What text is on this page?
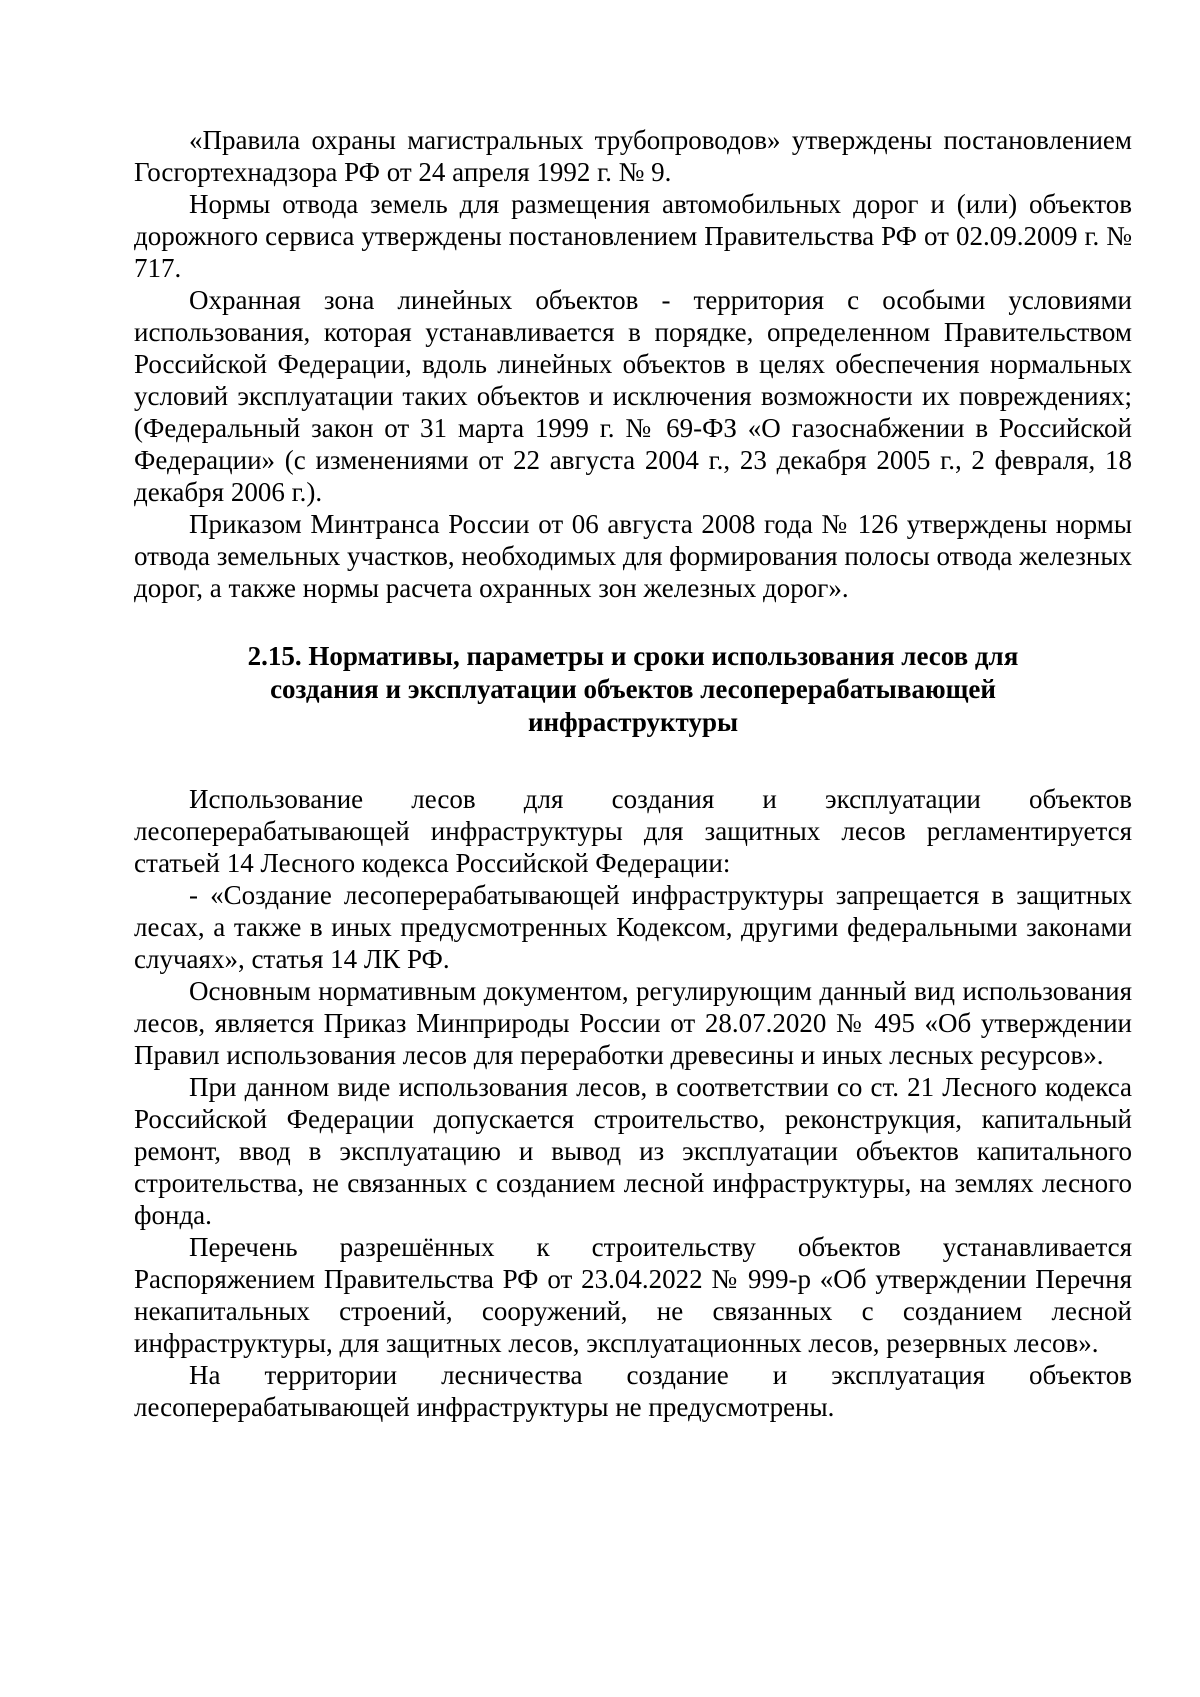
«Правила охраны магистральных трубопроводов» утверждены постановлением Госгортехнадзора РФ от 24 апреля 1992 г. № 9.

Нормы отвода земель для размещения автомобильных дорог и (или) объектов дорожного сервиса утверждены постановлением Правительства РФ от 02.09.2009 г. № 717.

Охранная зона линейных объектов - территория с особыми условиями использования, которая устанавливается в порядке, определенном Правительством Российской Федерации, вдоль линейных объектов в целях обеспечения нормальных условий эксплуатации таких объектов и исключения возможности их повреждениях; (Федеральный закон от 31 марта 1999 г. № 69-ФЗ «О газоснабжении в Российской Федерации» (с изменениями от 22 августа 2004 г., 23 декабря 2005 г., 2 февраля, 18 декабря 2006 г.).

Приказом Минтранса России от 06 августа 2008 года № 126 утверждены нормы отвода земельных участков, необходимых для формирования полосы отвода железных дорог, а также нормы расчета охранных зон железных дорог».

2.15. Нормативы, параметры и сроки использования лесов для создания и эксплуатации объектов лесоперерабатывающей инфраструктуры

Использование лесов для создания и эксплуатации объектов лесоперерабатывающей инфраструктуры для защитных лесов регламентируется статьей 14 Лесного кодекса Российской Федерации:

- «Создание лесоперерабатывающей инфраструктуры запрещается в защитных лесах, а также в иных предусмотренных Кодексом, другими федеральными законами случаях», статья 14 ЛК РФ.

Основным нормативным документом, регулирующим данный вид использования лесов, является Приказ Минприроды России от 28.07.2020 № 495 «Об утверждении Правил использования лесов для переработки древесины и иных лесных ресурсов».

При данном виде использования лесов, в соответствии со ст. 21 Лесного кодекса Российской Федерации допускается строительство, реконструкция, капитальный ремонт, ввод в эксплуатацию и вывод из эксплуатации объектов капитального строительства, не связанных с созданием лесной инфраструктуры, на землях лесного фонда.

Перечень разрешённых к строительству объектов устанавливается Распоряжением Правительства РФ от 23.04.2022 № 999-р «Об утверждении Перечня некапитальных строений, сооружений, не связанных с созданием лесной инфраструктуры, для защитных лесов, эксплуатационных лесов, резервных лесов».

На территории лесничества создание и эксплуатация объектов лесоперерабатывающей инфраструктуры не предусмотрены.
